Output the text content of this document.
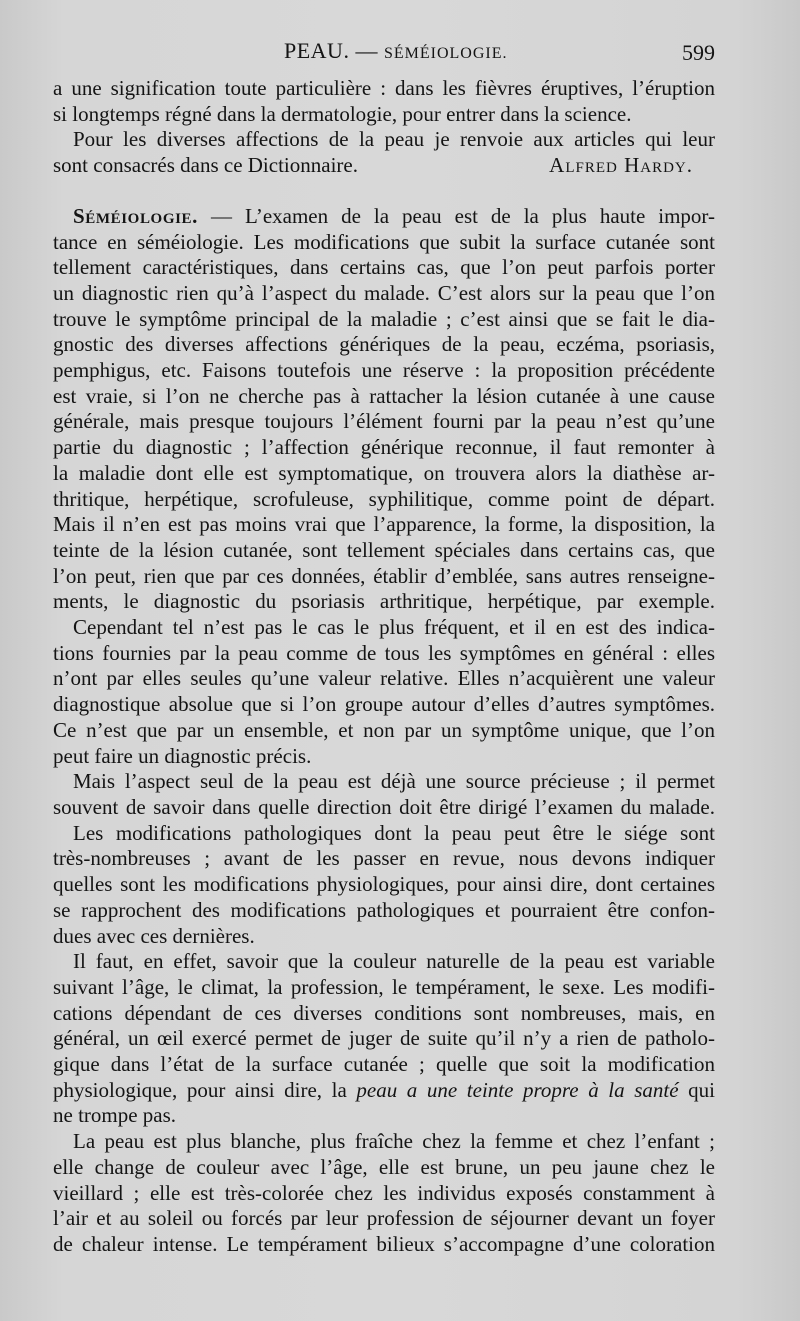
PEAU. — SÉMÉIOLOGIE.	599

a une signification toute particulière : dans les fièvres éruptives, l’éruption

si longtemps régné dans la dermatologie, pour entrer dans la science.

Pour les diverses affections de la peau je renvoie aux articles qui leur

sont consacrés dans ce Dictionnaire.	Alfred Hardy.

Séméiologie. — L’examen de la peau est de la plus haute impor-

tance en séméiologie. Les modifications que subit la surface cutanée sont

tellement caractéristiques, dans certains cas, que l’on peut parfois porter

un diagnostic rien qu’à l’aspect du malade. C’est alors sur la peau que l’on

trouve le symptôme principal de la maladie ; c’est ainsi que se fait le dia-

gnostic des diverses affections génériques de la peau, eczéma, psoriasis,

pemphigus, etc. Faisons toutefois une réserve : la proposition précédente

est vraie, si l’on ne cherche pas à rattacher la lésion cutanée à une cause

générale, mais presque toujours l’élément fourni par la peau n’est qu’une

partie du diagnostic ; l’affection générique reconnue, il faut remonter à

la maladie dont elle est symptomatique, on trouvera alors la diathèse ar-

thritique, herpétique, scrofuleuse, syphilitique, comme point de départ.

Mais il n’en est pas moins vrai que l’apparence, la forme, la disposition, la

teinte de la lésion cutanée, sont tellement spéciales dans certains cas, que

l’on peut, rien que par ces données, établir d’emblée, sans autres renseigne-

ments, le diagnostic du psoriasis arthritique, herpétique, par exemple.

Cependant tel n’est pas le cas le plus fréquent, et il en est des indica-

tions fournies par la peau comme de tous les symptômes en général : elles

n’ont par elles seules qu’une valeur relative. Elles n’acquièrent une valeur

diagnostique absolue que si l’on groupe autour d’elles d’autres symptômes.

Ce n’est que par un ensemble, et non par un symptôme unique, que l’on

peut faire un diagnostic précis.

Mais l’aspect seul de la peau est déjà une source précieuse ; il permet

souvent de savoir dans quelle direction doit être dirigé l’examen du malade.

Les modifications pathologiques dont la peau peut être le siége sont

très-nombreuses ; avant de les passer en revue, nous devons indiquer

quelles sont les modifications physiologiques, pour ainsi dire, dont certaines

se rapprochent des modifications pathologiques et pourraient être confon-

dues avec ces dernières.

Il faut, en effet, savoir que la couleur naturelle de la peau est variable

suivant l’âge, le climat, la profession, le tempérament, le sexe. Les modifi-

cations dépendant de ces diverses conditions sont nombreuses, mais, en

général, un œil exercé permet de juger de suite qu’il n’y a rien de patholo-

gique dans l’état de la surface cutanée ; quelle que soit la modification

physiologique, pour ainsi dire, la peau a une teinte propre à la santé qui

ne trompe pas.

La peau est plus blanche, plus fraîche chez la femme et chez l’enfant ;

elle change de couleur avec l’âge, elle est brune, un peu jaune chez le

vieillard ; elle est très-colorée chez les individus exposés constamment à

l’air et au soleil ou forcés par leur profession de séjourner devant un foyer

de chaleur intense. Le tempérament bilieux s’accompagne d’une coloration
